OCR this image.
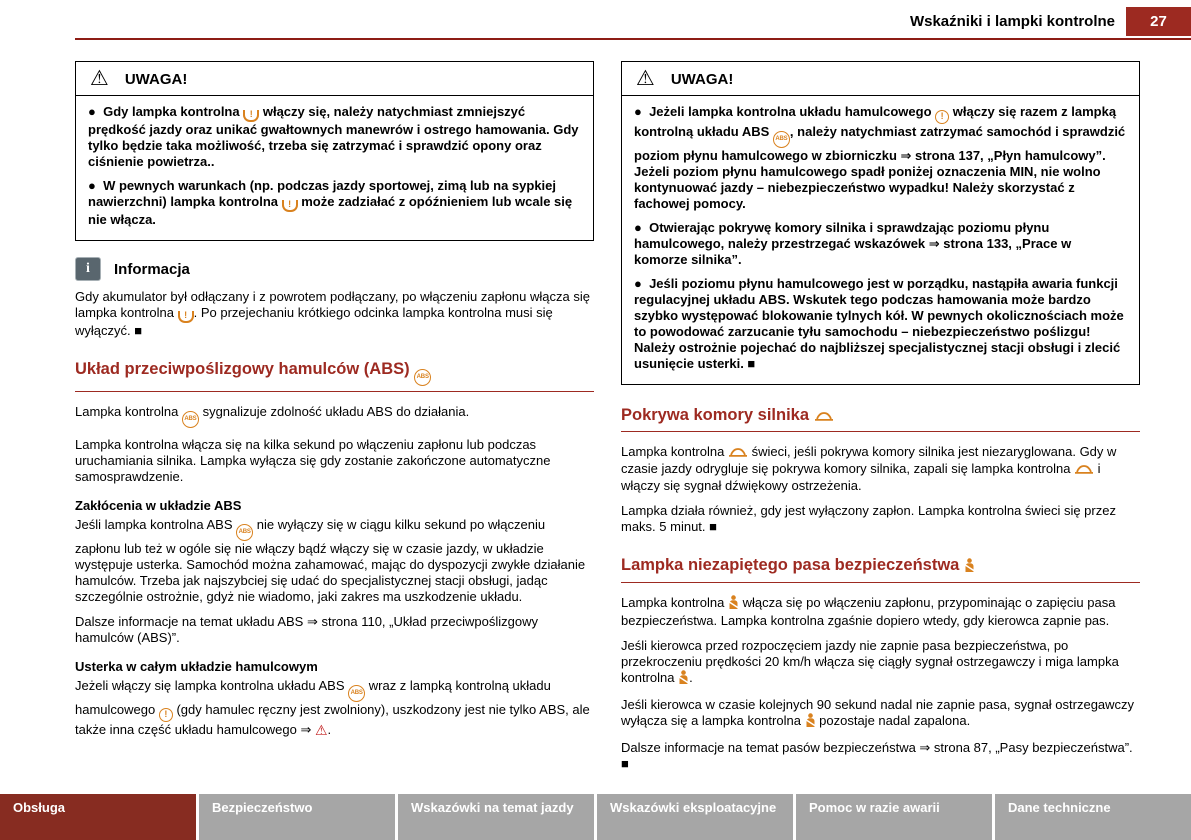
Wskaźniki i lampki kontrolne	27
⚠ UWAGA!

●  Gdy lampka kontrolna ! włączy się, należy natychmiast zmniejszyć prędkość jazdy oraz unikać gwałtownych manewrów i ostrego hamowania. Gdy tylko będzie taka możliwość, trzeba się zatrzymać i sprawdzić opony oraz ciśnienie powietrza..

●  W pewnych warunkach (np. podczas jazdy sportowej, zimą lub na sypkiej nawierzchni) lampka kontrolna ! może zadziałać z opóźnieniem lub wcale się nie włącza.

i	Informacja

Gdy akumulator był odłączany i z powrotem podłączany, po włączeniu zapłonu włącza się lampka kontrolna ! . Po przejechaniu krótkiego odcinka lampka kontrolna musi się wyłączyć. ■

Układ przeciwpoślizgowy hamulców (ABS) ABS

Lampka kontrolna ABS sygnalizuje zdolność układu ABS do działania.

Lampka kontrolna włącza się na kilka sekund po włączeniu zapłonu lub podczas uruchamiania silnika. Lampka wyłącza się gdy zostanie zakończone automatyczne samosprawdzenie.

Zakłócenia w układzie ABS

Jeśli lampka kontrolna ABS ABS nie wyłączy się w ciągu kilku sekund po włączeniu zapłonu lub też w ogóle się nie włączy bądź włączy się w czasie jazdy, w układzie występuje usterka. Samochód można zahamować, mając do dyspozycji zwykłe działanie hamulców. Trzeba jak najszybciej się udać do specjalistycznej stacji obsługi, jadąc szczególnie ostrożnie, gdyż nie wiadomo, jaki zakres ma uszkodzenie układu.

Dalsze informacje na temat układu ABS ⇒ strona 110, „Układ przeciwpoślizgowy hamulców (ABS)”.

Usterka w całym układzie hamulcowym

Jeżeli włączy się lampka kontrolna układu ABS ABS wraz z lampką kontrolną układu hamulcowego ! (gdy hamulec ręczny jest zwolniony), uszkodzony jest nie tylko ABS, ale także inna część układu hamulcowego ⇒ ⚠.

⚠ UWAGA!

●  Jeżeli lampka kontrolna układu hamulcowego ! włączy się razem z lampką kontrolną układu ABS ABS , należy natychmiast zatrzymać samochód i sprawdzić poziom płynu hamulcowego w zbiorniczku ⇒ strona 137, „Płyn hamulcowy”. Jeżeli poziom płynu hamulcowego spadł poniżej oznaczenia MIN, nie wolno kontynuować jazdy – niebezpieczeństwo wypadku! Należy skorzystać z fachowej pomocy.

●  Otwierając pokrywę komory silnika i sprawdzając poziomu płynu hamulcowego, należy przestrzegać wskazówek ⇒ strona 133, „Prace w komorze silnika”.

●  Jeśli poziomu płynu hamulcowego jest w porządku, nastąpiła awaria funkcji regulacyjnej układu ABS. Wskutek tego podczas hamowania może bardzo szybko występować blokowanie tylnych kół. W pewnych okolicznościach może to powodować zarzucanie tyłu samochodu – niebezpieczeństwo poślizgu! Należy ostrożnie pojechać do najbliższej specjalistycznej stacji obsługi i zlecić usunięcie usterki. ■

Pokrywa komory silnika

Lampka kontrolna  świeci, jeśli pokrywa komory silnika jest niezaryglowana. Gdy w czasie jazdy odrygluje się pokrywa komory silnika, zapali się lampka kontrolna  i włączy się sygnał dźwiękowy ostrzeżenia.

Lampka działa również, gdy jest wyłączony zapłon. Lampka kontrolna świeci się przez maks. 5 minut. ■

Lampka niezapiętego pasa bezpieczeństwa

Lampka kontrolna  włącza się po włączeniu zapłonu, przypominając o zapięciu pasa bezpieczeństwa. Lampka kontrolna zgaśnie dopiero wtedy, gdy kierowca zapnie pas.

Jeśli kierowca przed rozpoczęciem jazdy nie zapnie pasa bezpieczeństwa, po przekroczeniu prędkości 20 km/h włącza się ciągły sygnał ostrzegawczy i miga lampka kontrolna .

Jeśli kierowca w czasie kolejnych 90 sekund nadal nie zapnie pasa, sygnał ostrzegawczy wyłącza się a lampka kontrolna  pozostaje nadal zapalona.

Dalsze informacje na temat pasów bezpieczeństwa ⇒ strona 87, „Pasy bezpieczeństwa”. ■

Obsługa	Bezpieczeństwo	Wskazówki na temat jazdy	Wskazówki eksploatacyjne	Pomoc w razie awarii	Dane techniczne
